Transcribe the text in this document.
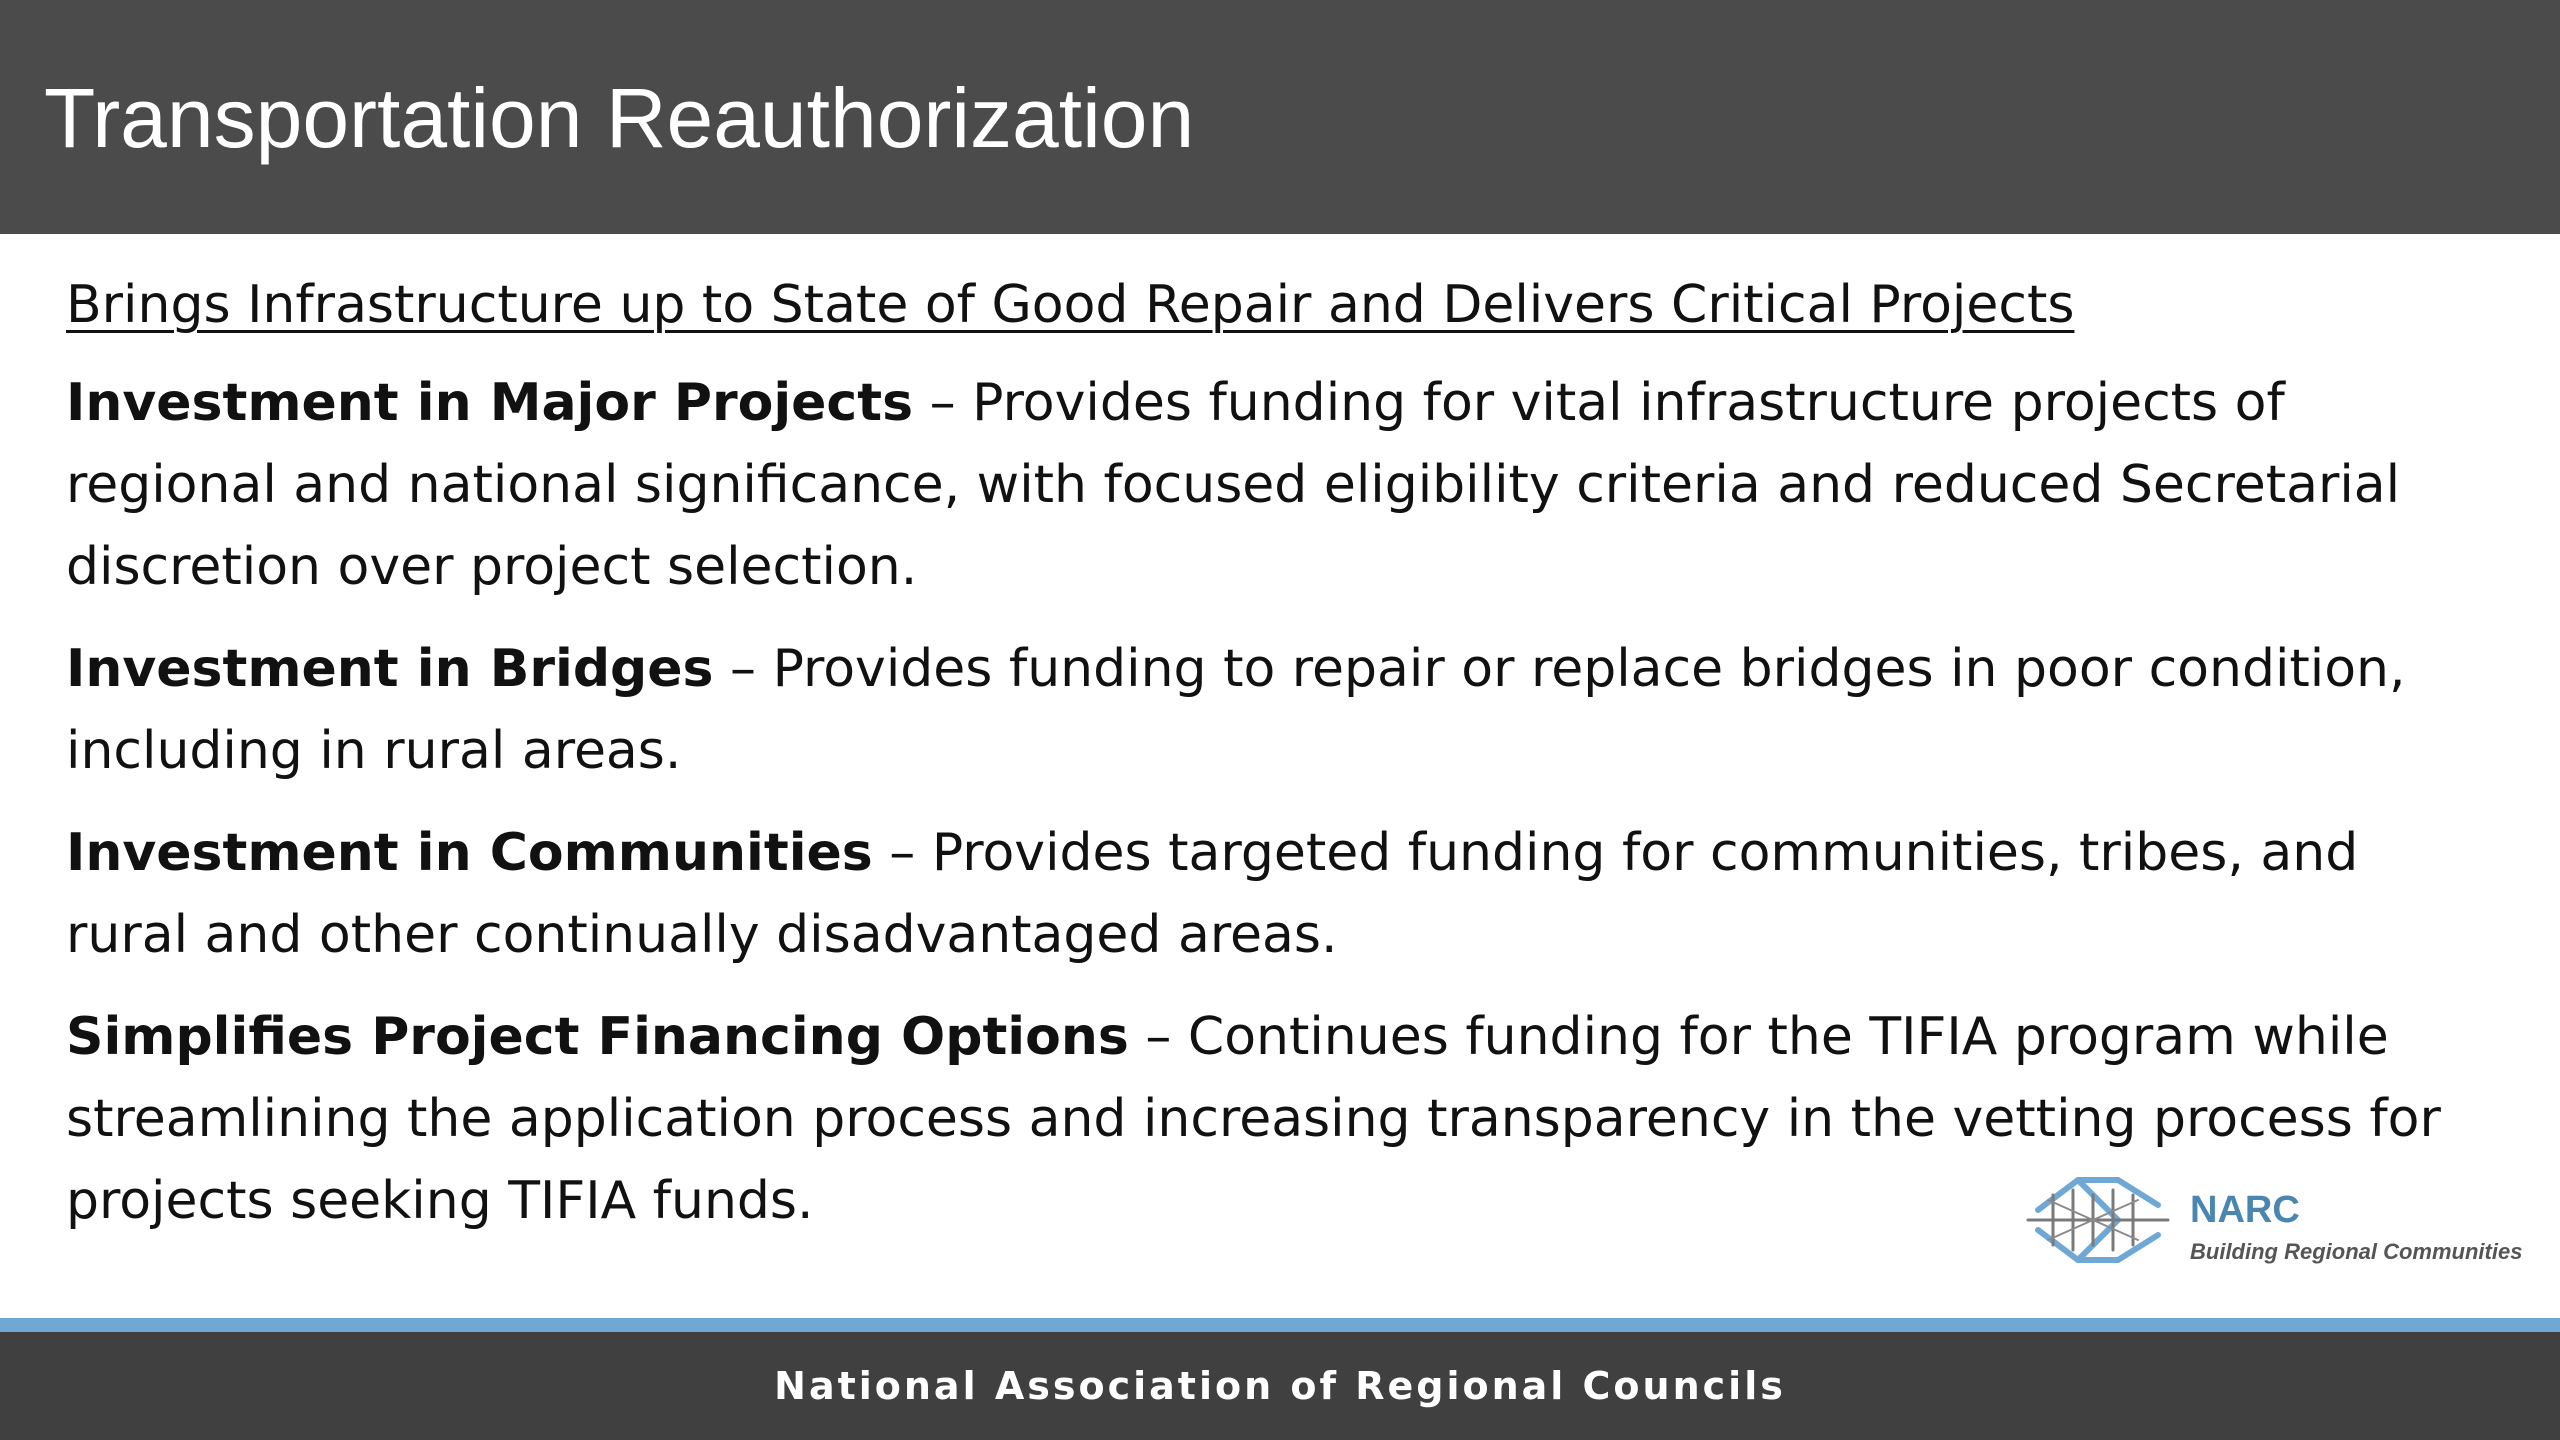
Transportation Reauthorization

Brings Infrastructure up to State of Good Repair and Delivers Critical Projects

Investment in Major Projects – Provides funding for vital infrastructure projects of regional and national significance, with focused eligibility criteria and reduced Secretarial discretion over project selection.

Investment in Bridges – Provides funding to repair or replace bridges in poor condition, including in rural areas.

Investment in Communities – Provides targeted funding for communities, tribes, and rural and other continually disadvantaged areas.

Simplifies Project Financing Options – Continues funding for the TIFIA program while streamlining the application process and increasing transparency in the vetting process for projects seeking TIFIA funds.	NARC
Building Regional Communities
National Association of Regional Councils
